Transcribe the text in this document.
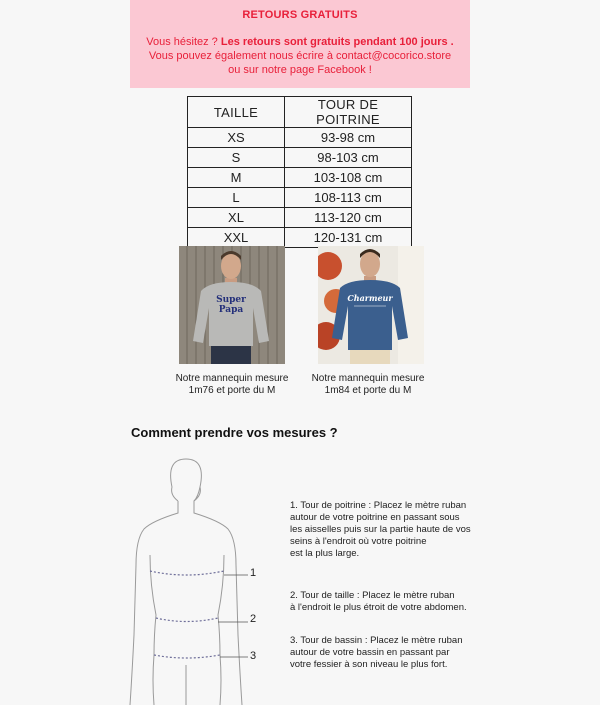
RETOURS GRATUITS
Vous hésitez ? Les retours sont gratuits pendant 100 jours .
Vous pouvez également nous écrire à contact@cocorico.store
ou sur notre page Facebook !
TAILLE	TOUR DE POITRINE
XS	93-98 cm
S	98-103 cm
M	103-108 cm
L	108-113 cm
XL	113-120 cm
XXL	120-131 cm
Super
Papa
Notre mannequin mesure
1m76 et porte du M
Charmeur
Notre mannequin mesure
1m84 et porte du M
Comment prendre vos mesures ?
1
2
3
1. Tour de poitrine : Placez le mètre ruban
autour de votre poitrine en passant sous
les aisselles puis sur la partie haute de vos
seins à l'endroit où votre poitrine
est la plus large.
2. Tour de taille : Placez le mètre ruban
à l'endroit le plus étroit de votre abdomen.
3. Tour de bassin : Placez le mètre ruban
autour de votre bassin en passant par
votre fessier à son niveau le plus fort.
